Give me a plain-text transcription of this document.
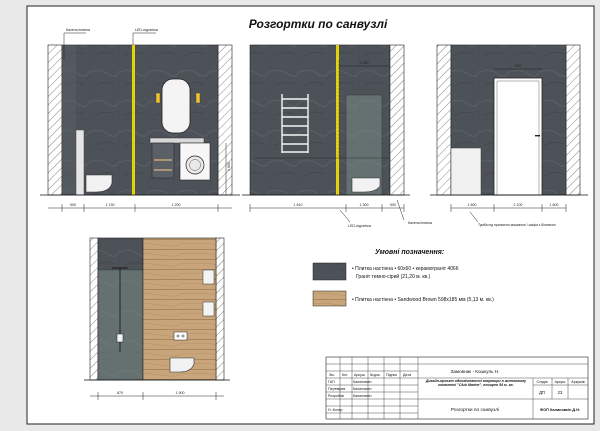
Розгортки по санвузлі
Кахель/плитка	LED-підсвітка
900	1 130	1 200
1 000
1 000
LED-підсвітка
Кахель/плитка
1 810	1 300	900
900
1 600	2 100	1 600
Тумба під пральною машиною / шафа з білизною
870	1 900
Умовні позначення:
• Плитка настінна • 60х60 • керамограніт 4066
Граніт темно-сірий (21,20 м. кв.)
• Плитка настінна • Sandwood Brown 598х185 мм (5,13 м. кв.)
Зм. Кіл. Аркуш №док. Підпис Дата
ГАП	Калиновкін
Перевірив Калиновкін
Розробив	Калиновкін
Н. Контр.
Замовник - Кошкуль Н.
Дизайн-проєкт однокімнатної квартири в житловому комплексі "Club Marine", площею 54 м. кв.
Розгортки по санвузлі
Стадія Аркуш Аркушів
ДП	23
ФОП Калиновкін Д.Н.
